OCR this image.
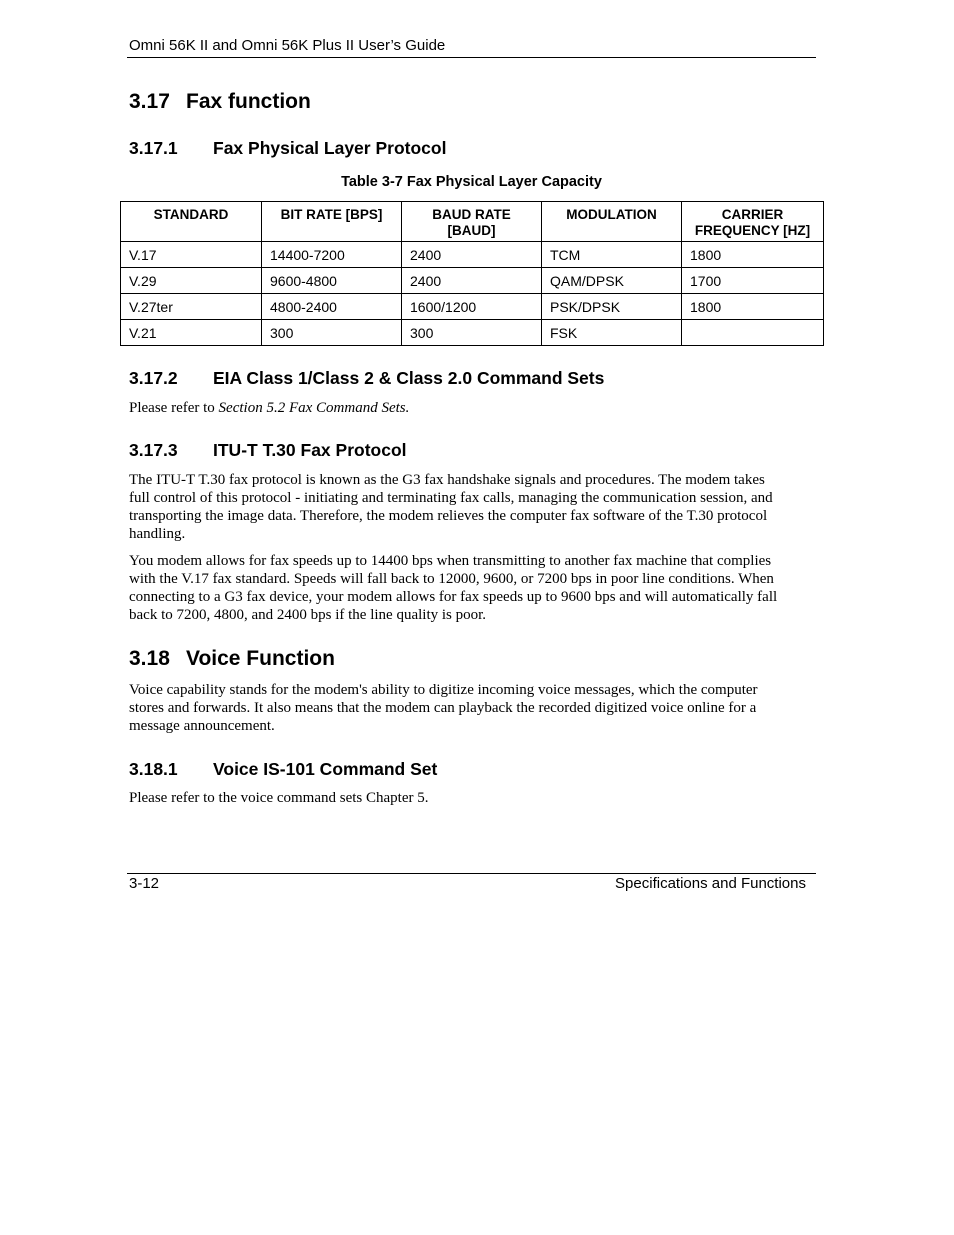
Omni 56K II and Omni 56K Plus II User’s Guide
3.17 Fax function
3.17.1 Fax Physical Layer Protocol
Table 3-7 Fax Physical Layer Capacity
STANDARD	BIT RATE [BPS]	BAUD RATE [BAUD]	MODULATION	CARRIER FREQUENCY [HZ]
V.17	14400-7200	2400	TCM	1800
V.29	9600-4800	2400	QAM/DPSK	1700
V.27ter	4800-2400	1600/1200	PSK/DPSK	1800
V.21	300	300	FSK	
3.17.2 EIA Class 1/Class 2 & Class 2.0 Command Sets
Please refer to Section 5.2 Fax Command Sets.
3.17.3 ITU-T T.30 Fax Protocol
The ITU-T T.30 fax protocol is known as the G3 fax handshake signals and procedures. The modem takes
full control of this protocol - initiating and terminating fax calls, managing the communication session, and
transporting the image data. Therefore, the modem relieves the computer fax software of the T.30 protocol
handling.
You modem allows for fax speeds up to 14400 bps when transmitting to another fax machine that complies
with the V.17 fax standard. Speeds will fall back to 12000, 9600, or 7200 bps in poor line conditions. When
connecting to a G3 fax device, your modem allows for fax speeds up to 9600 bps and will automatically fall
back to 7200, 4800, and 2400 bps if the line quality is poor.
3.18 Voice Function
Voice capability stands for the modem's ability to digitize incoming voice messages, which the computer
stores and forwards. It also means that the modem can playback the recorded digitized voice online for a
message announcement.
3.18.1 Voice IS-101 Command Set
Please refer to the voice command sets Chapter 5.
3-12	Specifications and Functions
